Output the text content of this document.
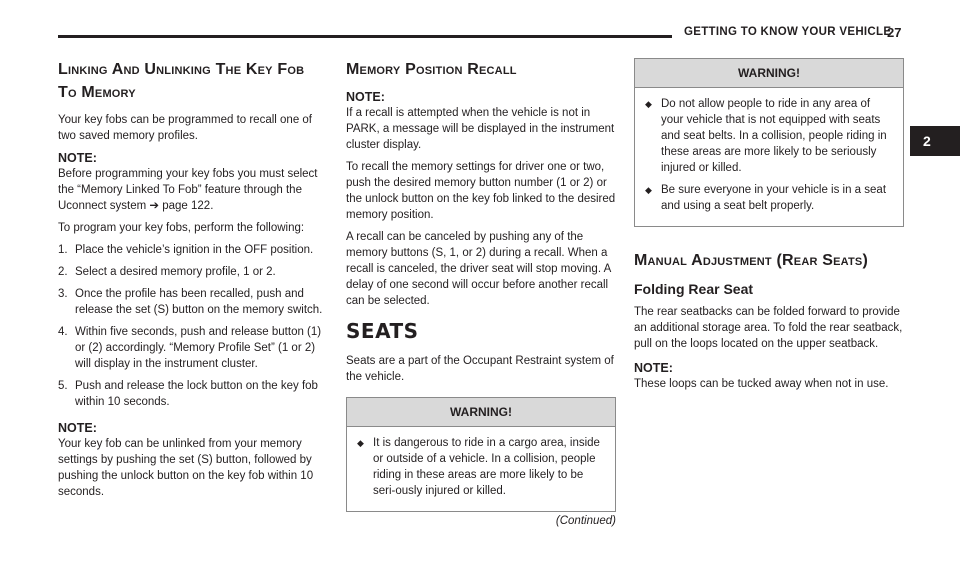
GETTING TO KNOW YOUR VEHICLE
27
2
Linking And Unlinking The Key Fob
To Memory

Your key fobs can be programmed to recall one of two saved memory profiles.

NOTE:

Before programming your key fobs you must select the “Memory Linked To Fob” feature through the Uconnect system ➔ page 122.

To program your key fobs, perform the following:

1. Place the vehicle’s ignition in the OFF position.
2. Select a desired memory profile, 1 or 2.
3. Once the profile has been recalled, push and release the set (S) button on the memory switch.
4. Within five seconds, push and release button (1) or (2) accordingly. “Memory Profile Set” (1 or 2) will display in the instrument cluster.
5. Push and release the lock button on the key fob within 10 seconds.
NOTE:

Your key fob can be unlinked from your memory settings by pushing the set (S) button, followed by pushing the unlock button on the key fob within 10 seconds.

Memory Position Recall
NOTE:

If a recall is attempted when the vehicle is not in PARK, a message will be displayed in the instrument cluster display.

To recall the memory settings for driver one or two, push the desired memory button number (1 or 2) or the unlock button on the key fob linked to the desired memory position.

A recall can be canceled by pushing any of the memory buttons (S, 1, or 2) during a recall. When a recall is canceled, the driver seat will stop moving. A delay of one second will occur before another recall can be selected.

SEATS

Seats are a part of the Occupant Restraint system of the vehicle.

WARNING!
◆ It is dangerous to ride in a cargo area, inside or outside of a vehicle. In a collision, people riding in these areas are more likely to be seri-ously injured or killed.
(Continued)
WARNING!
◆ Do not allow people to ride in any area of your vehicle that is not equipped with seats and seat belts. In a collision, people riding in these areas are more likely to be seriously injured or killed.
◆ Be sure everyone in your vehicle is in a seat and using a seat belt properly.
Manual Adjustment (Rear Seats)
Folding Rear Seat

The rear seatbacks can be folded forward to provide an additional storage area. To fold the rear seatback, pull on the loops located on the upper seatback.

NOTE:

These loops can be tucked away when not in use.
